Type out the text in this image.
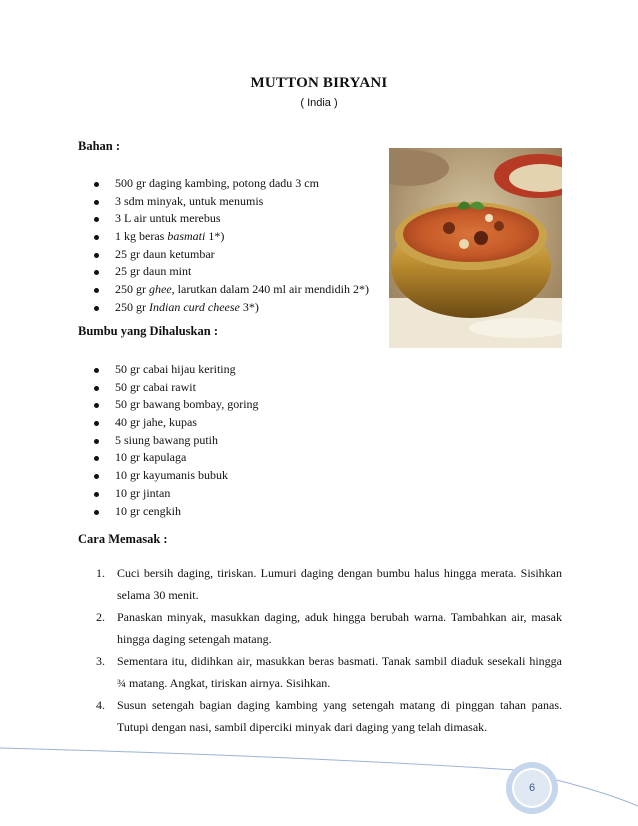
MUTTON BIRYANI
( India )
Bahan :
500 gr daging kambing, potong dadu 3 cm
3 sdm minyak, untuk menumis
3 L air untuk merebus
1 kg beras basmati 1*)
25 gr daun ketumbar
25 gr daun mint
250 gr ghee, larutkan dalam 240 ml air mendidih 2*)
250 gr Indian curd cheese 3*)
Bumbu yang Dihaluskan :
50 gr cabai hijau keriting
50 gr cabai rawit
50 gr bawang bombay, goring
40 gr jahe, kupas
5 siung bawang putih
10 gr kapulaga
10 gr kayumanis bubuk
10 gr jintan
10 gr cengkih
Cara Memasak :
1. Cuci bersih daging, tiriskan. Lumuri daging dengan bumbu halus hingga merata. Sisihkan selama 30 menit.
2. Panaskan minyak, masukkan daging, aduk hingga berubah warna. Tambahkan air, masak hingga daging setengah matang.
3. Sementara itu, didihkan air, masukkan beras basmati. Tanak sambil diaduk sesekali hingga ¾ matang. Angkat, tiriskan airnya. Sisihkan.
4. Susun setengah bagian daging kambing yang setengah matang di pinggan tahan panas. Tutupi dengan nasi, sambil diperciki minyak dari daging yang telah dimasak.
6
